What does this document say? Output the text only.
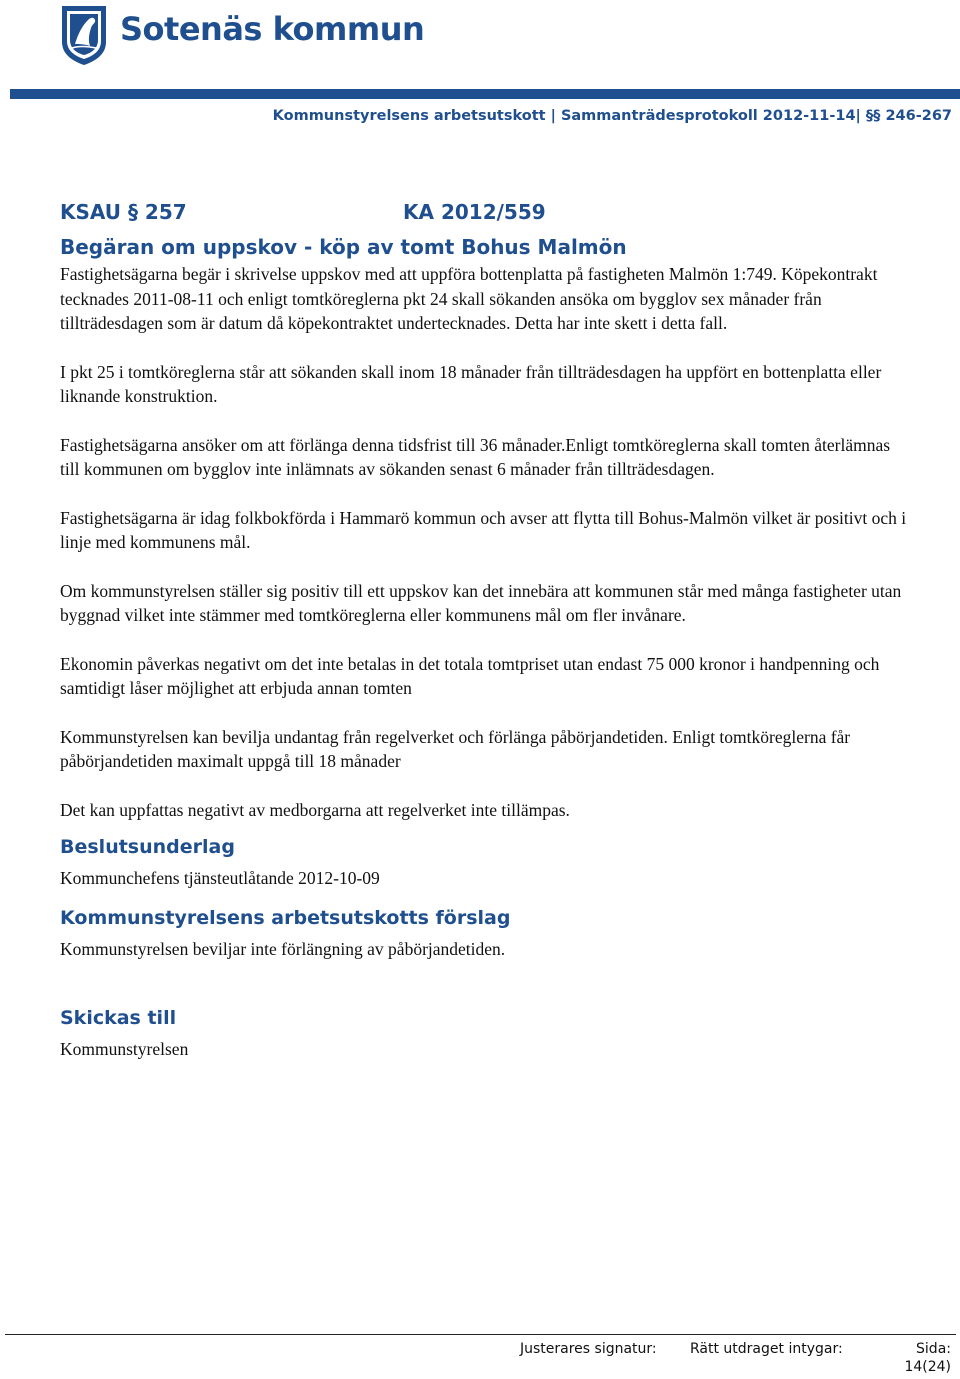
Sotenäs kommun
Kommunstyrelsens arbetsutskott | Sammanträdesprotokoll 2012-11-14| §§ 246-267
KSAU § 257	KA 2012/559
Begäran om uppskov - köp av tomt Bohus Malmön

Fastighetsägarna begär i skrivelse uppskov med att uppföra bottenplatta på fastigheten Malmön 1:749. Köpekontrakt tecknades 2011-08-11 och enligt tomtköreglerna pkt 24 skall sökanden ansöka om bygglov sex månader från tillträdesdagen som är datum då köpekontraktet undertecknades. Detta har inte skett i detta fall.

I pkt 25 i tomtköreglerna står att sökanden skall inom 18 månader från tillträdesdagen ha uppfört en bottenplatta eller liknande konstruktion.

Fastighetsägarna ansöker om att förlänga denna tidsfrist till 36 månader.Enligt tomtköreglerna skall tomten återlämnas till kommunen om bygglov inte inlämnats av sökanden senast 6 månader från tillträdesdagen.

Fastighetsägarna är idag folkbokförda i Hammarö kommun och avser att flytta till Bohus-Malmön vilket är positivt och i linje med kommunens mål.

Om kommunstyrelsen ställer sig positiv till ett uppskov kan det innebära att kommunen står med många fastigheter utan byggnad vilket inte stämmer med tomtköreglerna eller kommunens mål om fler invånare.

Ekonomin påverkas negativt om det inte betalas in det totala tomtpriset utan endast 75 000 kronor i handpenning och samtidigt låser möjlighet att erbjuda annan tomten

Kommunstyrelsen kan bevilja undantag från regelverket och förlänga påbörjandetiden. Enligt tomtköreglerna får påbörjandetiden maximalt uppgå till 18 månader

Det kan uppfattas negativt av medborgarna att regelverket inte tillämpas.

Beslutsunderlag

Kommunchefens tjänsteutlåtande 2012-10-09

Kommunstyrelsens arbetsutskotts förslag

Kommunstyrelsen beviljar inte förlängning av påbörjandetiden.

Skickas till

Kommunstyrelsen

Justerares signatur: Rätt utdraget intygar:	Sida:
14(24)
